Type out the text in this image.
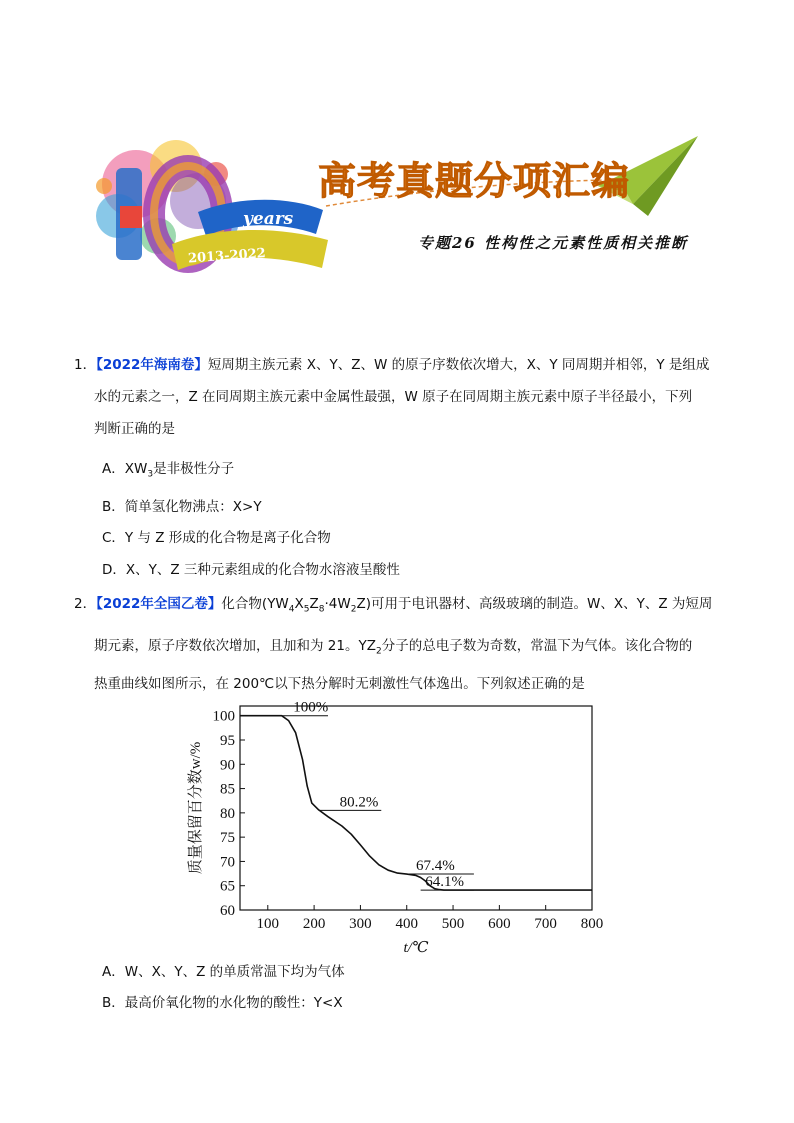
years
2013-2022
高考真题分项汇编
专题26 性构性之元素性质相关推断
1．【2022年海南卷】短周期主族元素 X、Y、Z、W 的原子序数依次增大，X、Y 同周期并相邻，Y 是组成
水的元素之一，Z 在同周期主族元素中金属性最强，W 原子在同周期主族元素中原子半径最小，下列
判断正确的是
A．$XW_3$是非极性分子
B．简单氢化物沸点：X>Y
C．Y 与 Z 形成的化合物是离子化合物
D．X、Y、Z 三种元素组成的化合物水溶液呈酸性
2．【2022年全国乙卷】化合物$(YW_4X_5Z_8\cdot 4W_2Z)$可用于电讯器材、高级玻璃的制造。W、X、Y、Z 为短周
期元素，原子序数依次增加，且加和为 21。$YZ_2$分子的总电子数为奇数，常温下为气体。该化合物的
热重曲线如图所示，在 200℃以下热分解时无刺激性气体逸出。下列叙述正确的是
60
65
70
75
80
85
90
95
100
100 200 300 400 500 600 700 800
t/℃
质量保留百分数w/%
100%
80.2%
67.4%
64.1%
A．W、X、Y、Z 的单质常温下均为气体
B．最高价氧化物的水化物的酸性：Y<X
